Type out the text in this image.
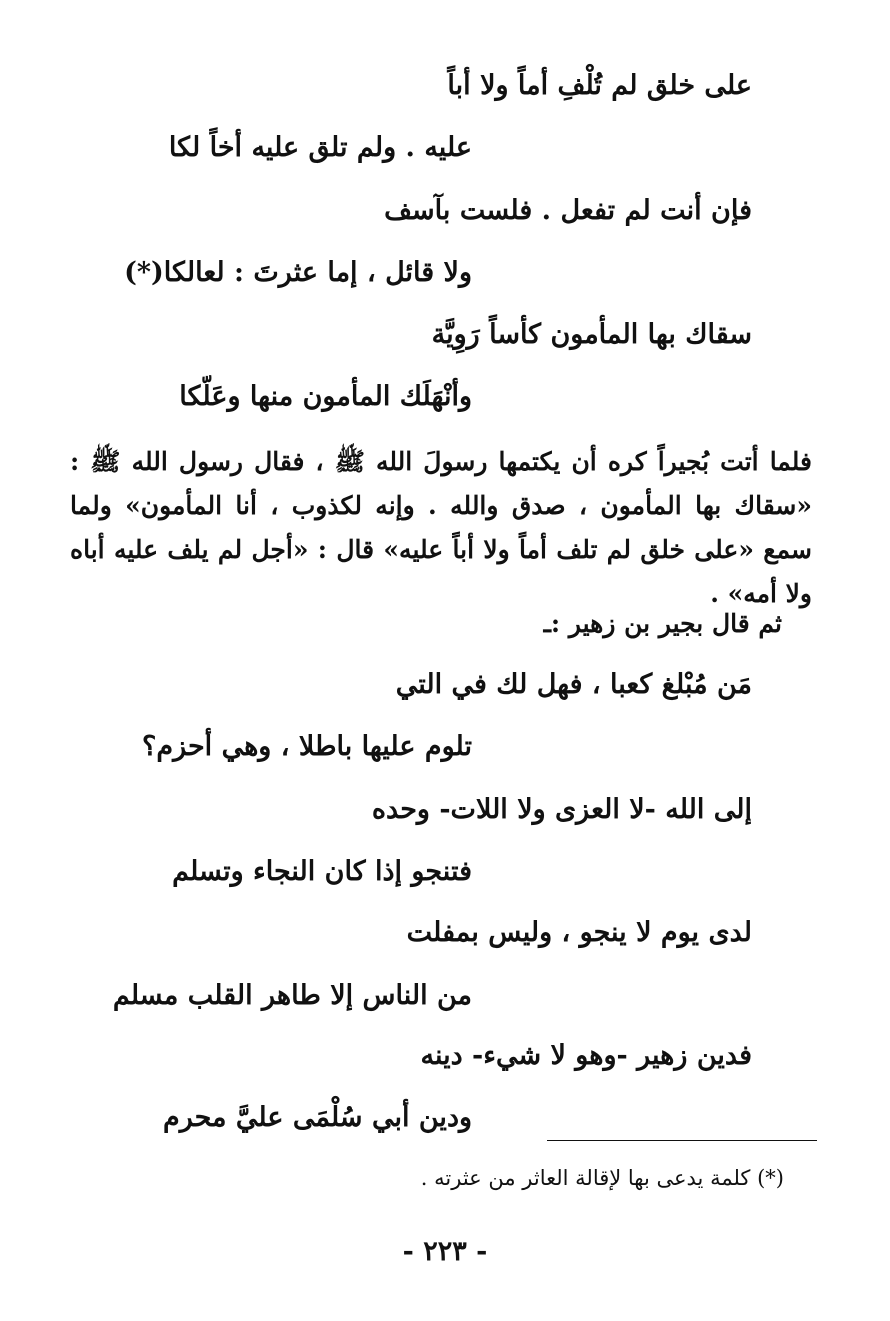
على خلق لم تُلْفِ أماً ولا أباً
عليه . ولم تلق عليه أخاً لكا
فإن أنت لم تفعل . فلست بآسف
ولا قائل ، إما عثرتَ : لعالكا(*)
سقاك بها المأمون كأساً رَوِيَّة
وأنْهَلَك المأمون منها وعَلّكا
فلما أتت بُجيراً كره أن يكتمها رسولَ الله ﷺ ، فقال رسول الله ﷺ : «سقاك بها المأمون ، صدق والله . وإنه لكذوب ، أنا المأمون» ولما سمع «على خلق لم تلف أماً ولا أباً عليه» قال : «أجل لم يلف عليه أباه ولا أمه» .
ثم قال بجير بن زهير :ـ
مَن مُبْلغ كعبا ، فهل لك في التي
تلوم عليها باطلا ، وهي أحزم؟
إلى الله -لا العزى ولا اللات- وحده
فتنجو إذا كان النجاء وتسلم
لدى يوم لا ينجو ، وليس بمفلت
من الناس إلا طاهر القلب مسلم
فدين زهير -وهو لا شيء- دينه
ودين أبي سُلْمَى عليَّ محرم
(*) كلمة يدعى بها لإقالة العاثر من عثرته .
- ٢٢٣ -
